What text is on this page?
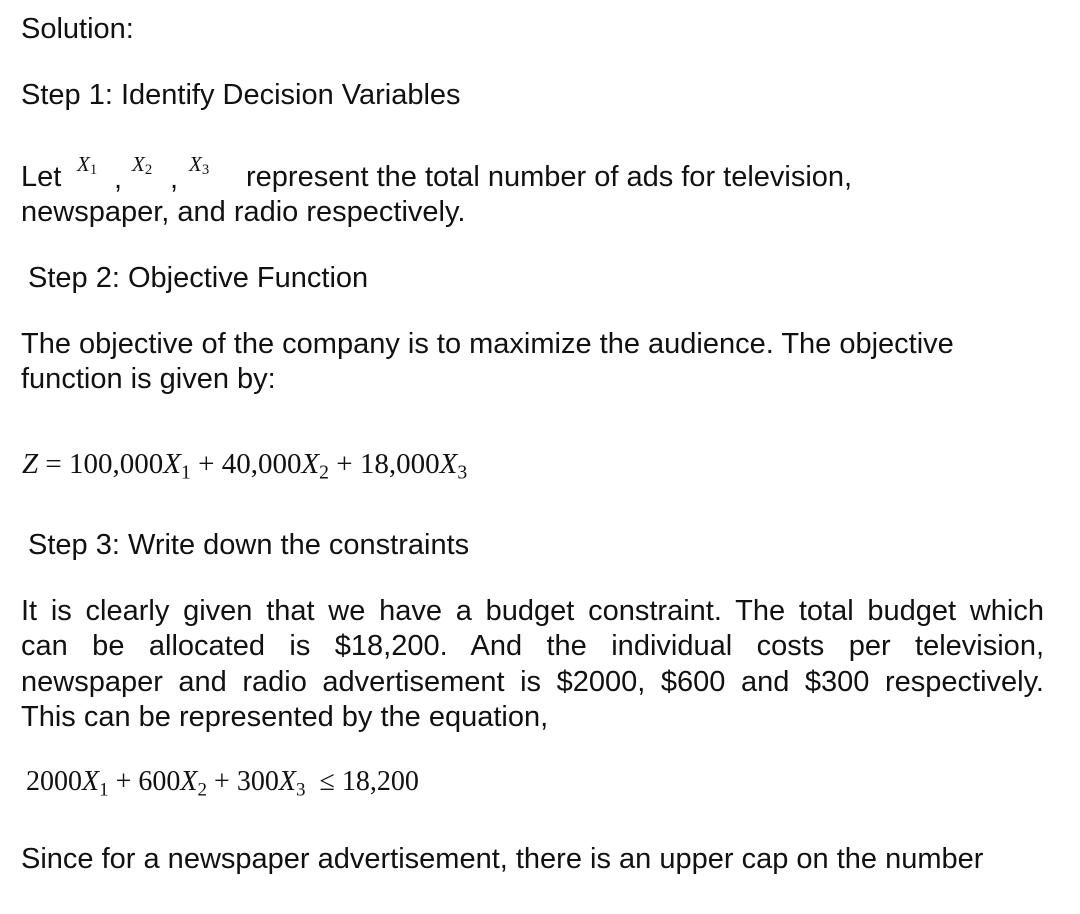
Solution:

Step 1: Identify Decision Variables

Let $X_1$ , $X_2$ , $X_3$ represent the total number of ads for television,

newspaper, and radio respectively.

Step 2: Objective Function

The objective of the company is to maximize the audience. The objective

function is given by:

$Z = 100,000X_1 + 40,000X_2 + 18,000X_3$

Step 3: Write down the constraints

It is clearly given that we have a budget constraint. The total budget which

can be allocated is $18,200. And the individual costs per television,

newspaper and radio advertisement is $2000, $600 and $300 respectively.

This can be represented by the equation,

$2000X_1 + 600X_2 + 300X_3 \le 18,200$

Since for a newspaper advertisement, there is an upper cap on the number
